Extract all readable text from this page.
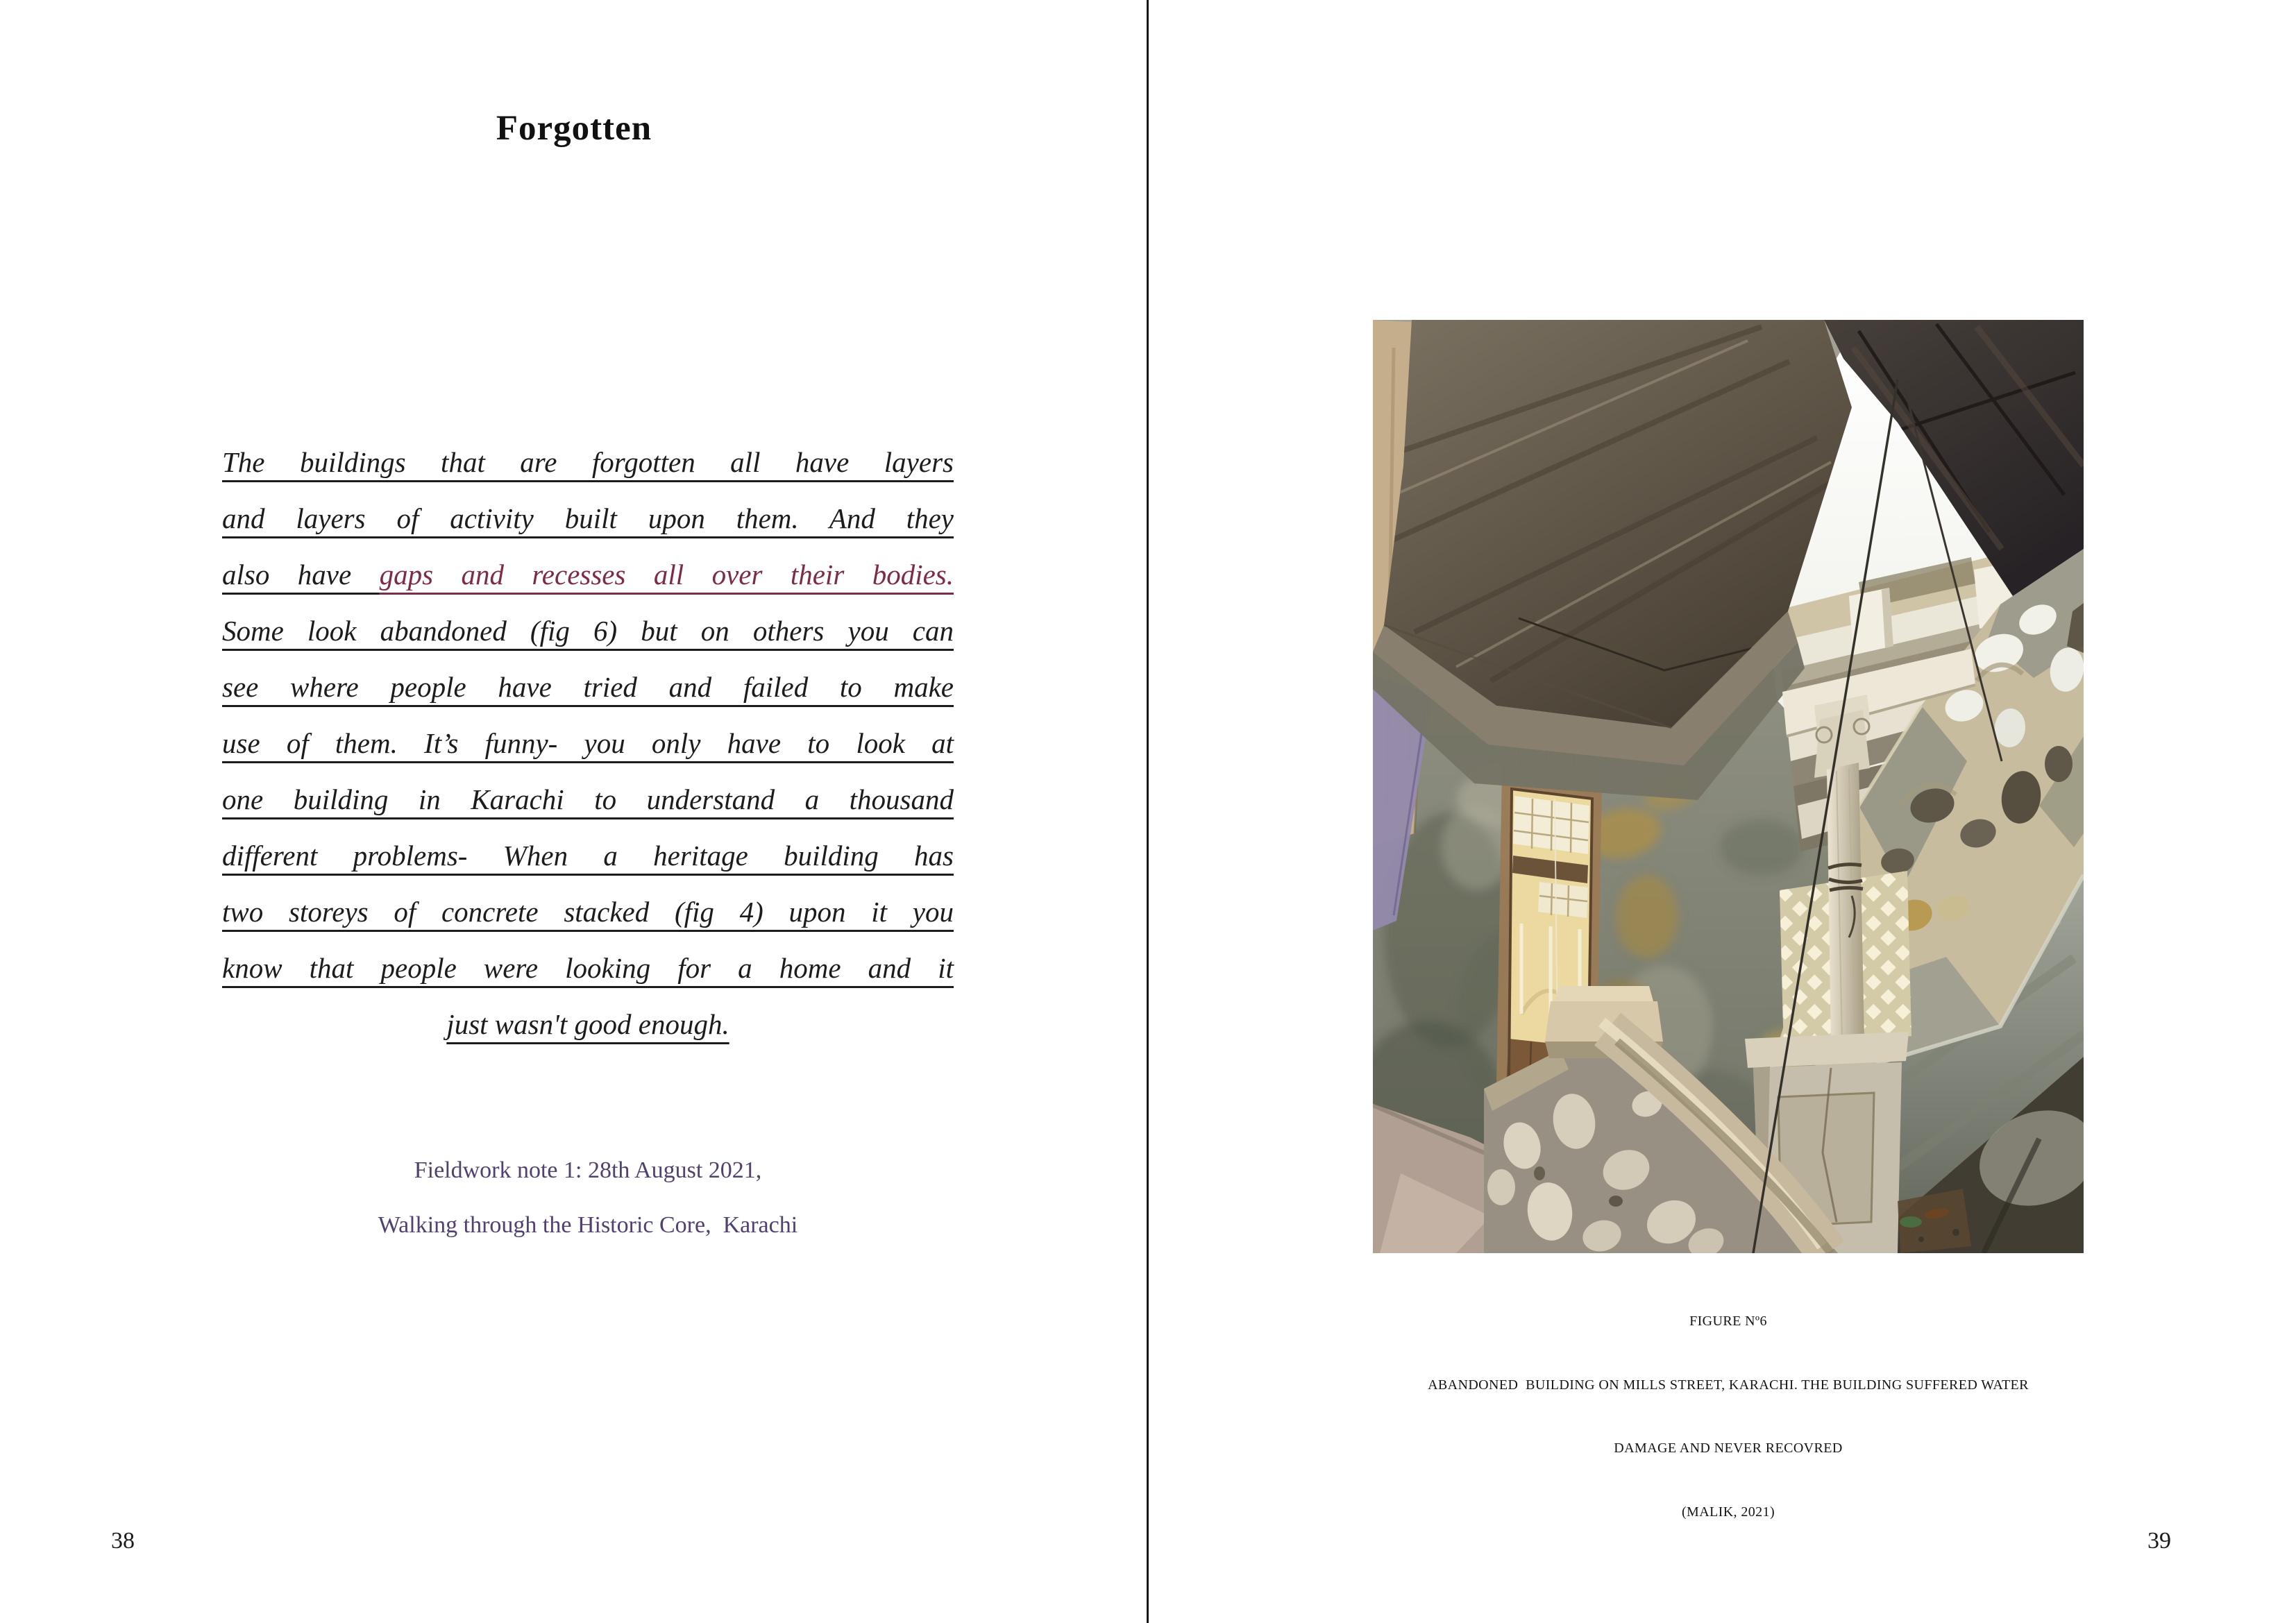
Forgotten
The buildings that are forgotten all have layers
and layers of activity built upon them. And they
also have gaps and recesses all over their bodies.
Some look abandoned (fig 6) but on others you can
see where people have tried and failed to make
use of them. It’s funny- you only have to look at
one building in Karachi to understand a thousand
different problems- When a heritage building has
two storeys of concrete stacked (fig 4) upon it you
know that people were looking for a home and it
just wasn't good enough.
Fieldwork note 1: 28th August 2021,
Walking through the Historic Core,  Karachi
38

FIGURE Nº6

ABANDONED  BUILDING ON MILLS STREET, KARACHI. THE BUILDING SUFFERED WATER

DAMAGE AND NEVER RECOVRED

(MALIK, 2021)

39
